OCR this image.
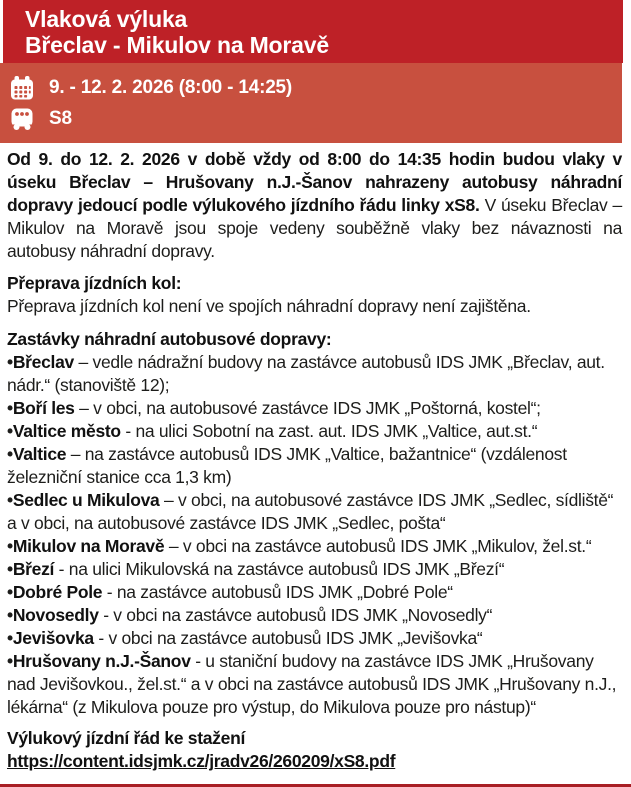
Vlaková výluka
Břeclav - Mikulov na Moravě
9. - 12. 2. 2026 (8:00 - 14:25)
S8

Od 9. do 12. 2. 2026 v době vždy od 8:00 do 14:35 hodin budou vlaky v úseku Břeclav – Hrušovany n.J.-Šanov nahrazeny autobusy náhradní dopravy jedoucí podle výlukového jízdního řádu linky xS8. V úseku Břeclav – Mikulov na Moravě jsou spoje vedeny souběžně vlaky bez návaznosti na autobusy náhradní dopravy.

Přeprava jízdních kol:

Přeprava jízdních kol není ve spojích náhradní dopravy není zajištěna.

Zastávky náhradní autobusové dopravy:
• Břeclav – vedle nádražní budovy na zastávce autobusů IDS JMK „Břeclav, aut. nádr.“ (stanoviště 12);
• Boří les – v obci, na autobusové zastávce IDS JMK „Poštorná, kostel“;
• Valtice město - na ulici Sobotní na zast. aut. IDS JMK „Valtice, aut.st.“
• Valtice – na zastávce autobusů IDS JMK „Valtice, bažantnice“ (vzdálenost železniční stanice cca 1,3 km)
• Sedlec u Mikulova – v obci, na autobusové zastávce IDS JMK „Sedlec, sídliště“ a v obci, na autobusové zastávce IDS JMK „Sedlec, pošta“
• Mikulov na Moravě – v obci na zastávce autobusů IDS JMK „Mikulov, žel.st.“
• Březí - na ulici Mikulovská na zastávce autobusů IDS JMK „Březí“
• Dobré Pole - na zastávce autobusů IDS JMK „Dobré Pole“
• Novosedly - v obci na zastávce autobusů IDS JMK „Novosedly“
• Jevišovka - v obci na zastávce autobusů IDS JMK „Jevišovka“
• Hrušovany n.J.-Šanov - u staniční budovy na zastávce IDS JMK „Hrušovany nad Jevišovkou., žel.st.“ a v obci na zastávce autobusů IDS JMK „Hrušovany n.J., lékárna“ (z Mikulova pouze pro výstup, do Mikulova pouze pro nástup)“
Výlukový jízdní řád ke stažení
https://content.idsjmk.cz/jradv26/260209/xS8.pdf
